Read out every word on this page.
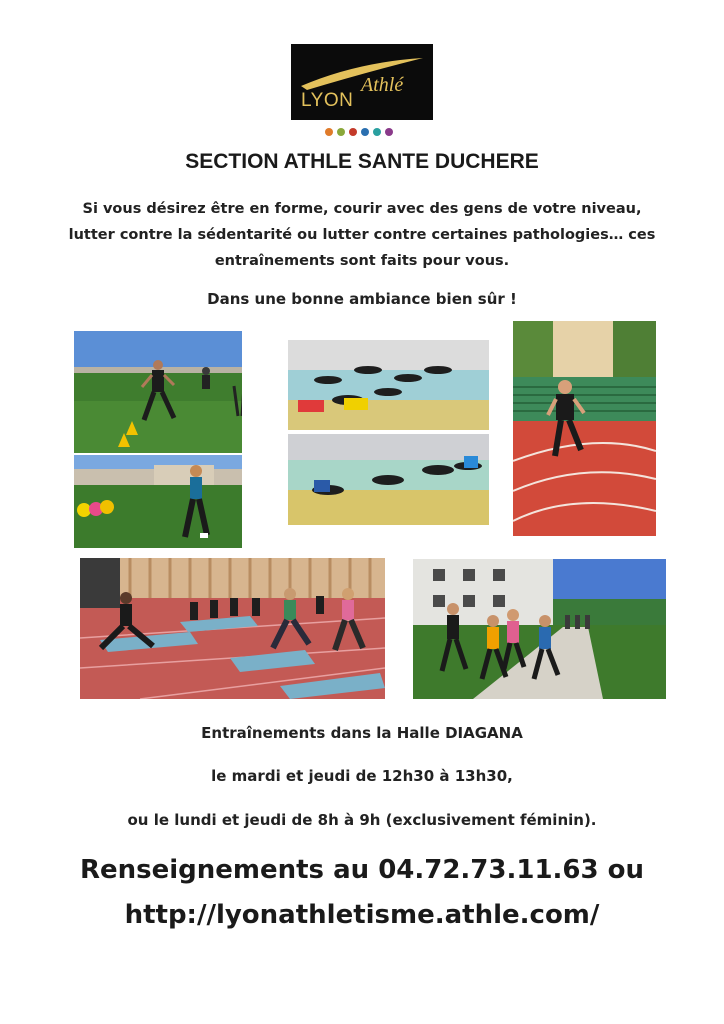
Athlé
LYON
SECTION ATHLE SANTE DUCHERE
Si vous désirez être en forme, courir avec des gens de votre niveau,
lutter contre la sédentarité ou lutter contre certaines pathologies… ces
entraînements sont faits pour vous.
Dans une bonne ambiance bien sûr !
Entraînements dans la Halle DIAGANA
le mardi et jeudi de 12h30 à 13h30,
ou le lundi et jeudi de 8h à 9h (exclusivement féminin).
Renseignements au 04.72.73.11.63 ou
http://lyonathletisme.athle.com/
